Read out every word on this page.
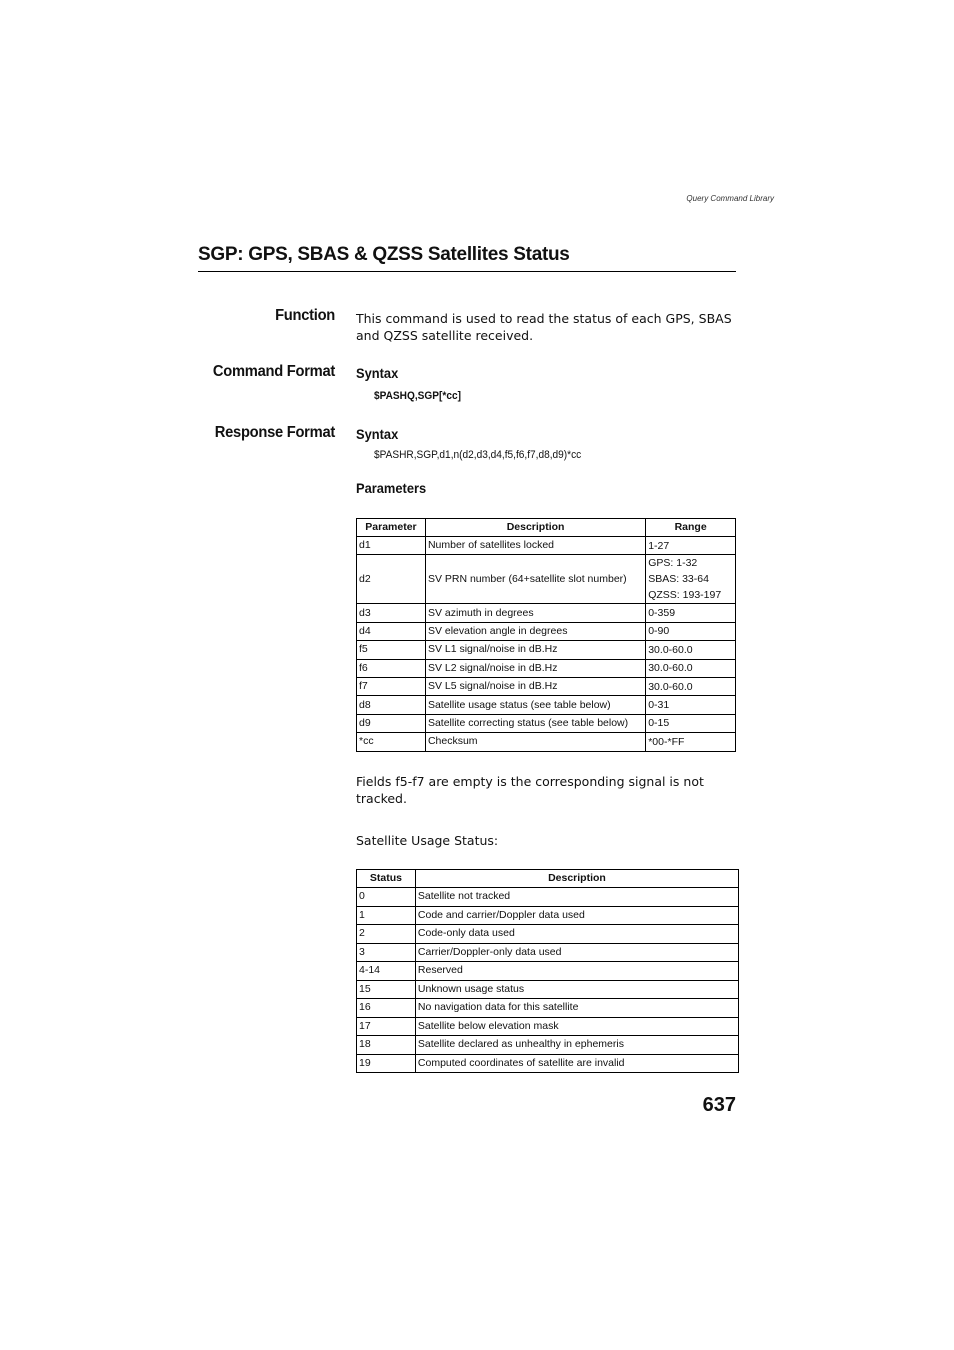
Query Command Library
SGP: GPS, SBAS & QZSS Satellites Status
Function This command is used to read the status of each GPS, SBAS and QZSS satellite received.
Command Format Syntax
$PASHQ,SGP[*cc]
Response Format Syntax
$PASHR,SGP,d1,n(d2,d3,d4,f5,f6,f7,d8,d9)*cc
Parameters
Parameter	Description	Range
d1	Number of satellites locked	1-27

d2	SV PRN number (64+satellite slot number)	GPS: 1-32
SBAS: 33-64
QZSS: 193-197

d3	SV azimuth in degrees	0-359

d4	SV elevation angle in degrees	0-90

f5	SV L1 signal/noise in dB.Hz	30.0-60.0

f6	SV L2 signal/noise in dB.Hz	30.0-60.0

f7	SV L5 signal/noise in dB.Hz	30.0-60.0

d8	Satellite usage status (see table below)	0-31

d9	Satellite correcting status (see table below)	0-15

*cc	Checksum	*00-*FF
Fields f5-f7 are empty is the corresponding signal is not tracked.
Satellite Usage Status:
Status	Description
0	Satellite not tracked
1	Code and carrier/Doppler data used
2	Code-only data used
3	Carrier/Doppler-only data used
4-14	Reserved
15	Unknown usage status
16	No navigation data for this satellite
17	Satellite below elevation mask
18	Satellite declared as unhealthy in ephemeris
19	Computed coordinates of satellite are invalid
637
